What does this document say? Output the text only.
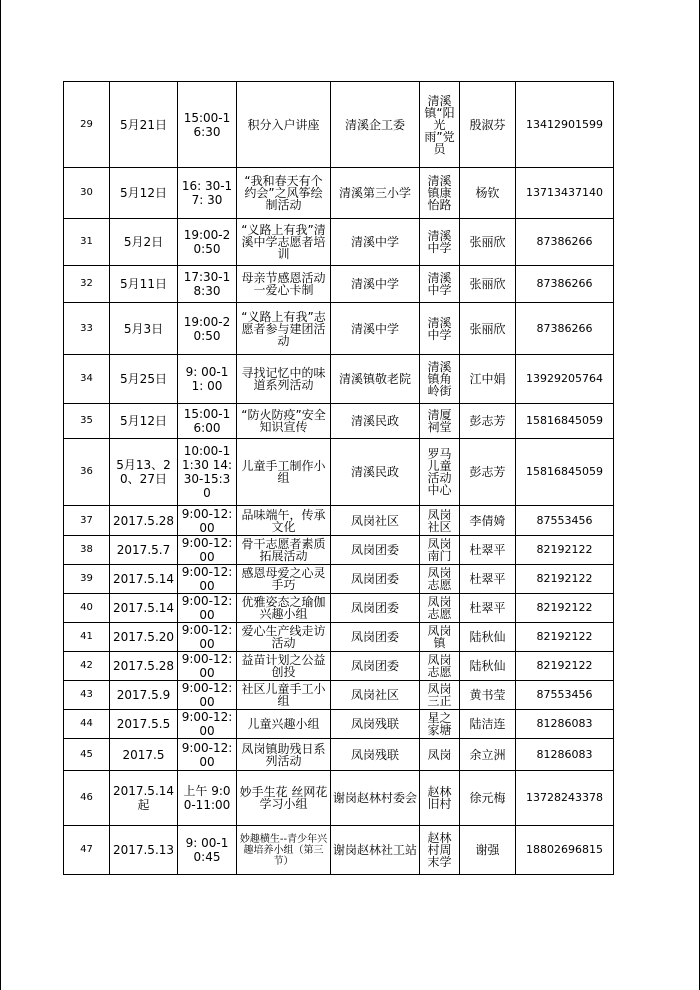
29	5月21日	15:00-16:30	积分入户讲座	清溪企工委	清溪镇“阳光雨”党员	殷淑芬	13412901599
30	5月12日	16: 30-17: 30	“我和春天有个约会”之风筝绘制活动	清溪第三小学	清溪镇康怡路	杨钦	13713437140
31	5月2日	19:00-20:50	“义路上有我”清溪中学志愿者培训	清溪中学	清溪中学	张丽欣	87386266
32	5月11日	17:30-18:30	母亲节感恩活动一爱心卡制	清溪中学	清溪中学	张丽欣	87386266
33	5月3日	19:00-20:50	“义路上有我”志愿者参与建团活动	清溪中学	清溪中学	张丽欣	87386266
34	5月25日	9: 00-11: 00	寻找记忆中的味道系列活动	清溪镇敬老院	清溪镇角岭街	江中娟	13929205764
35	5月12日	15:00-16:00	“防火防疫”安全知识宣传	清溪民政	清厦祠堂	彭志芳	15816845059
36	5月13、20、27日	10:00-11:30 14:30-15:30	儿童手工制作小组	清溪民政	罗马儿童活动中心	彭志芳	15816845059
37	2017.5.28	9:00-12:00	品味端午，传承文化	凤岗社区	凤岗社区	李倩婍	87553456
38	2017.5.7	9:00-12:00	骨干志愿者素质拓展活动	凤岗团委	凤岗南门	杜翠平	82192122
39	2017.5.14	9:00-12:00	感恩母爱之心灵手巧	凤岗团委	凤岗志愿	杜翠平	82192122
40	2017.5.14	9:00-12:00	优雅姿态之瑜伽兴趣小组	凤岗团委	凤岗志愿	杜翠平	82192122
41	2017.5.20	9:00-12:00	爱心生产线走访活动	凤岗团委	凤岗镇	陆秋仙	82192122
42	2017.5.28	9:00-12:00	益苗计划之公益创投	凤岗团委	凤岗志愿	陆秋仙	82192122
43	2017.5.9	9:00-12:00	社区儿童手工小组	凤岗社区	凤岗三正	黄书莹	87553456
44	2017.5.5	9:00-12:00	儿童兴趣小组	凤岗残联	星之家塘	陆洁连	81286083
45	2017.5	9:00-12:00	凤岗镇助残日系列活动	凤岗残联	凤岗	余立洲	81286083
46	2017.5.14起	上午 9:00-11:00	妙手生花 丝网花学习小组	谢岗赵林村委会	赵林旧村	徐元梅	13728243378
47	2017.5.13	9: 00-10:45	妙趣横生--青少年兴趣培养小组（第三节）	谢岗赵林社工站	赵林村周末学	谢强	18802696815
